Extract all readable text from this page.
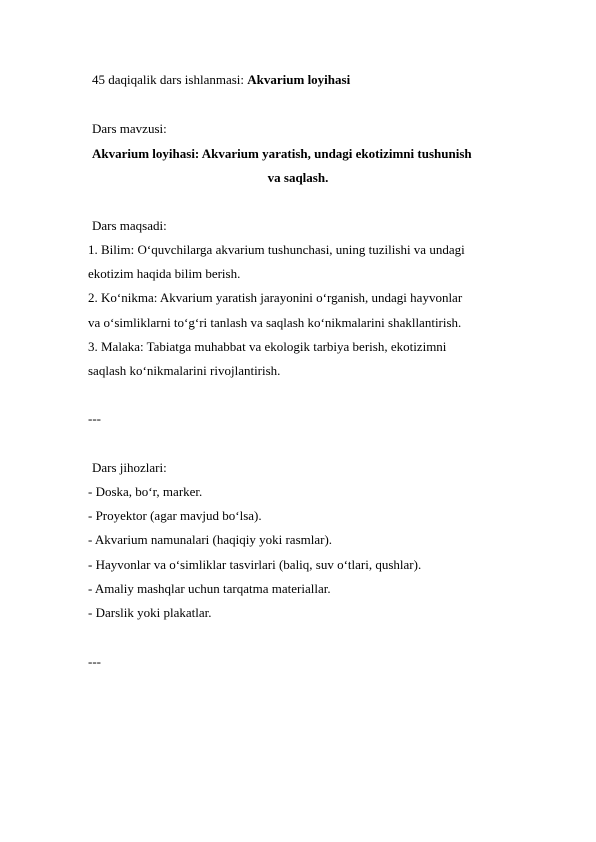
45 daqiqalik dars ishlanmasi: Akvarium loyihasi
Dars mavzusi:
Akvarium loyihasi: Akvarium yaratish, undagi ekotizimni tushunish
va saqlash.
Dars maqsadi:
1. Bilim: O‘quvchilarga akvarium tushunchasi, uning tuzilishi va undagi
ekotizim haqida bilim berish.
2. Ko‘nikma: Akvarium yaratish jarayonini o‘rganish, undagi hayvonlar
va o‘simliklarni to‘g‘ri tanlash va saqlash ko‘nikmalarini shakllantirish.
3. Malaka: Tabiatga muhabbat va ekologik tarbiya berish, ekotizimni
saqlash ko‘nikmalarini rivojlantirish.
---
Dars jihozlari:
- Doska, bo‘r, marker.
- Proyektor (agar mavjud bo‘lsa).
- Akvarium namunalari (haqiqiy yoki rasmlar).
- Hayvonlar va o‘simliklar tasvirlari (baliq, suv o‘tlari, qushlar).
- Amaliy mashqlar uchun tarqatma materiallar.
- Darslik yoki plakatlar.
---
